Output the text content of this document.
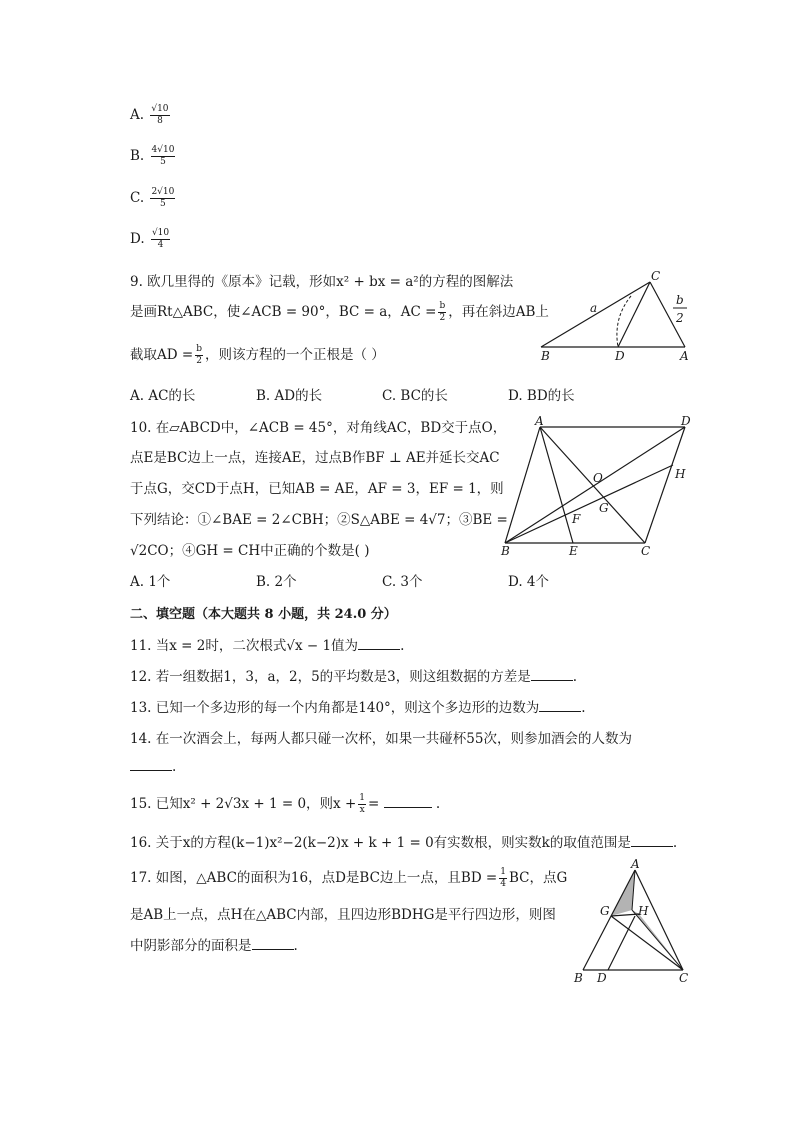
A. $\frac{√10}{8}$
B. $\frac{4√10}{5}$
C. $\frac{2√10}{5}$
D. $\frac{√10}{4}$
9. 欧几里得的《原本》记载，形如x² + bx = a²的方程的图解法
是画Rt△ABC，使∠ACB = 90°，BC = a，AC = $\frac{b}{2}$ ，再在斜边AB上
截取AD = $\frac{b}{2}$ ，则该方程的一个正根是（ ）
A. AC的长	B. AD的长	C. BC的长	D. BD的长
C
B	D	A
a
b
2
10. 在▱ABCD中，∠ACB = 45°，对角线AC，BD交于点O，
点E是BC边上一点，连接AE，过点B作BF ⊥ AE并延长交AC
于点G，交CD于点H，已知AB = AE，AF = 3，EF = 1，则
下列结论：①∠BAE = 2∠CBH；②S△ABE = 4√7；③BE =
√2CO；④GH = CH中正确的个数是( )
A. 1个	B. 2个	C. 3个	D. 4个
A	D
B	E	C
O
G
F
H
二、填空题（本大题共 8 小题，共 24.0 分）
11. 当x = 2时，二次根式√x − 1值为	.
12. 若一组数据1，3，a，2，5的平均数是3，则这组数据的方差是	.
13. 已知一个多边形的每一个内角都是140°，则这个多边形的边数为	.
14. 在一次酒会上，每两人都只碰一次杯，如果一共碰杯55次，则参加酒会的人数为
.
15. 已知x² + 2√3x + 1 = 0，则$x + \frac{1}{x}$ =	.
16. 关于x的方程(k−1)x²−2(k−2)x + k + 1 = 0有实数根，则实数k的取值范围是	.
17. 如图，△ABC的面积为16，点D是BC边上一点，且BD = $\frac{1}{4}$ BC，点G
是AB上一点，点H在△ABC内部，且四边形BDHG是平行四边形，则图
中阴影部分的面积是	.
A
G H
B D	C
